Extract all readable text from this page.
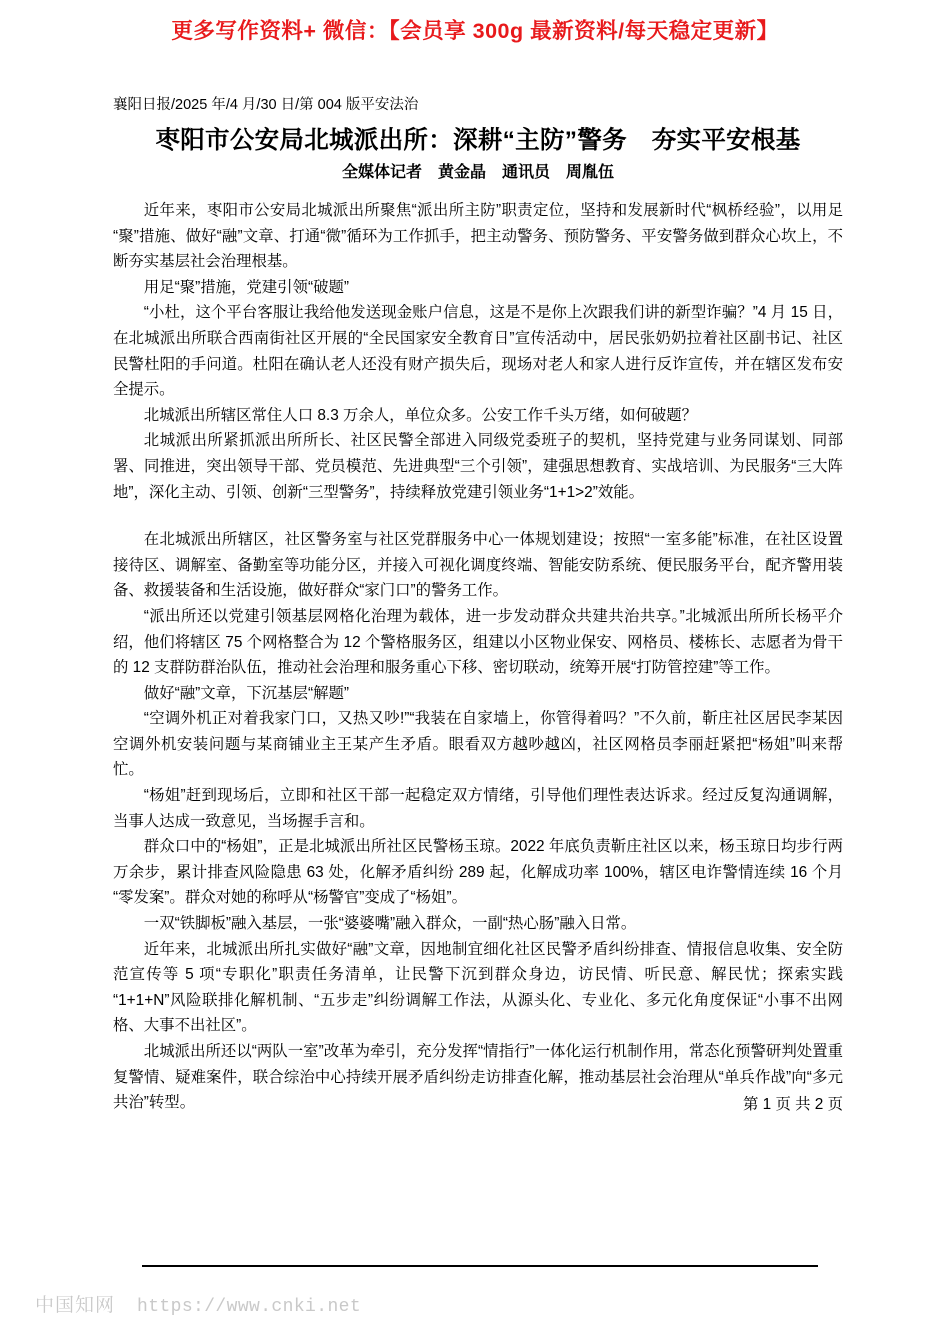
更多写作资料+ 微信：【会员享 300g 最新资料/每天稳定更新】
襄阳日报/2025 年/4 月/30 日/第 004 版平安法治
枣阳市公安局北城派出所：深耕“主防”警务　夯实平安根基
全媒体记者　黄金晶　通讯员　周胤伍

近年来，枣阳市公安局北城派出所聚焦“派出所主防”职责定位，坚持和发展新时代“枫桥经验”，以用足“聚”措施、做好“融”文章、打通“微”循环为工作抓手，把主动警务、预防警务、平安警务做到群众心坎上，不断夯实基层社会治理根基。

用足“聚”措施，党建引领“破题”

“小杜，这个平台客服让我给他发送现金账户信息，这是不是你上次跟我们讲的新型诈骗？”4 月 15 日，在北城派出所联合西南街社区开展的“全民国家安全教育日”宣传活动中，居民张奶奶拉着社区副书记、社区民警杜阳的手问道。杜阳在确认老人还没有财产损失后，现场对老人和家人进行反诈宣传，并在辖区发布安全提示。

北城派出所辖区常住人口 8.3 万余人，单位众多。公安工作千头万绪，如何破题？

北城派出所紧抓派出所所长、社区民警全部进入同级党委班子的契机，坚持党建与业务同谋划、同部署、同推进，突出领导干部、党员模范、先进典型“三个引领”，建强思想教育、实战培训、为民服务“三大阵地”，深化主动、引领、创新“三型警务”，持续释放党建引领业务“1+1>2”效能。

在北城派出所辖区，社区警务室与社区党群服务中心一体规划建设；按照“一室多能”标准，在社区设置接待区、调解室、备勤室等功能分区，并接入可视化调度终端、智能安防系统、便民服务平台，配齐警用装备、救援装备和生活设施，做好群众“家门口”的警务工作。

“派出所还以党建引领基层网格化治理为载体，进一步发动群众共建共治共享。”北城派出所所长杨平介绍，他们将辖区 75 个网格整合为 12 个警格服务区，组建以小区物业保安、网格员、楼栋长、志愿者为骨干的 12 支群防群治队伍，推动社会治理和服务重心下移、密切联动，统筹开展“打防管控建”等工作。

做好“融”文章，下沉基层“解题”

“空调外机正对着我家门口，又热又吵!”“我装在自家墙上，你管得着吗？”不久前，靳庄社区居民李某因空调外机安装问题与某商铺业主王某产生矛盾。眼看双方越吵越凶，社区网格员李丽赶紧把“杨姐”叫来帮忙。

“杨姐”赶到现场后，立即和社区干部一起稳定双方情绪，引导他们理性表达诉求。经过反复沟通调解，当事人达成一致意见，当场握手言和。

群众口中的“杨姐”，正是北城派出所社区民警杨玉琼。2022 年底负责靳庄社区以来，杨玉琼日均步行两万余步，累计排查风险隐患 63 处，化解矛盾纠纷 289 起，化解成功率 100%，辖区电诈警情连续 16 个月“零发案”。群众对她的称呼从“杨警官”变成了“杨姐”。

一双“铁脚板”融入基层，一张“婆婆嘴”融入群众，一副“热心肠”融入日常。

近年来，北城派出所扎实做好“融”文章，因地制宜细化社区民警矛盾纠纷排查、情报信息收集、安全防范宣传等 5 项“专职化”职责任务清单，让民警下沉到群众身边，访民情、听民意、解民忧；探索实践“1+1+N”风险联排化解机制、“五步走”纠纷调解工作法，从源头化、专业化、多元化角度保证“小事不出网格、大事不出社区”。

北城派出所还以“两队一室”改革为牵引，充分发挥“情指行”一体化运行机制作用，常态化预警研判处置重复警情、疑难案件，联合综治中心持续开展矛盾纠纷走访排查化解，推动基层社会治理从“单兵作战”向“多元共治”转型。	第 1 页 共 2 页
中国知网 https://www.cnki.net
